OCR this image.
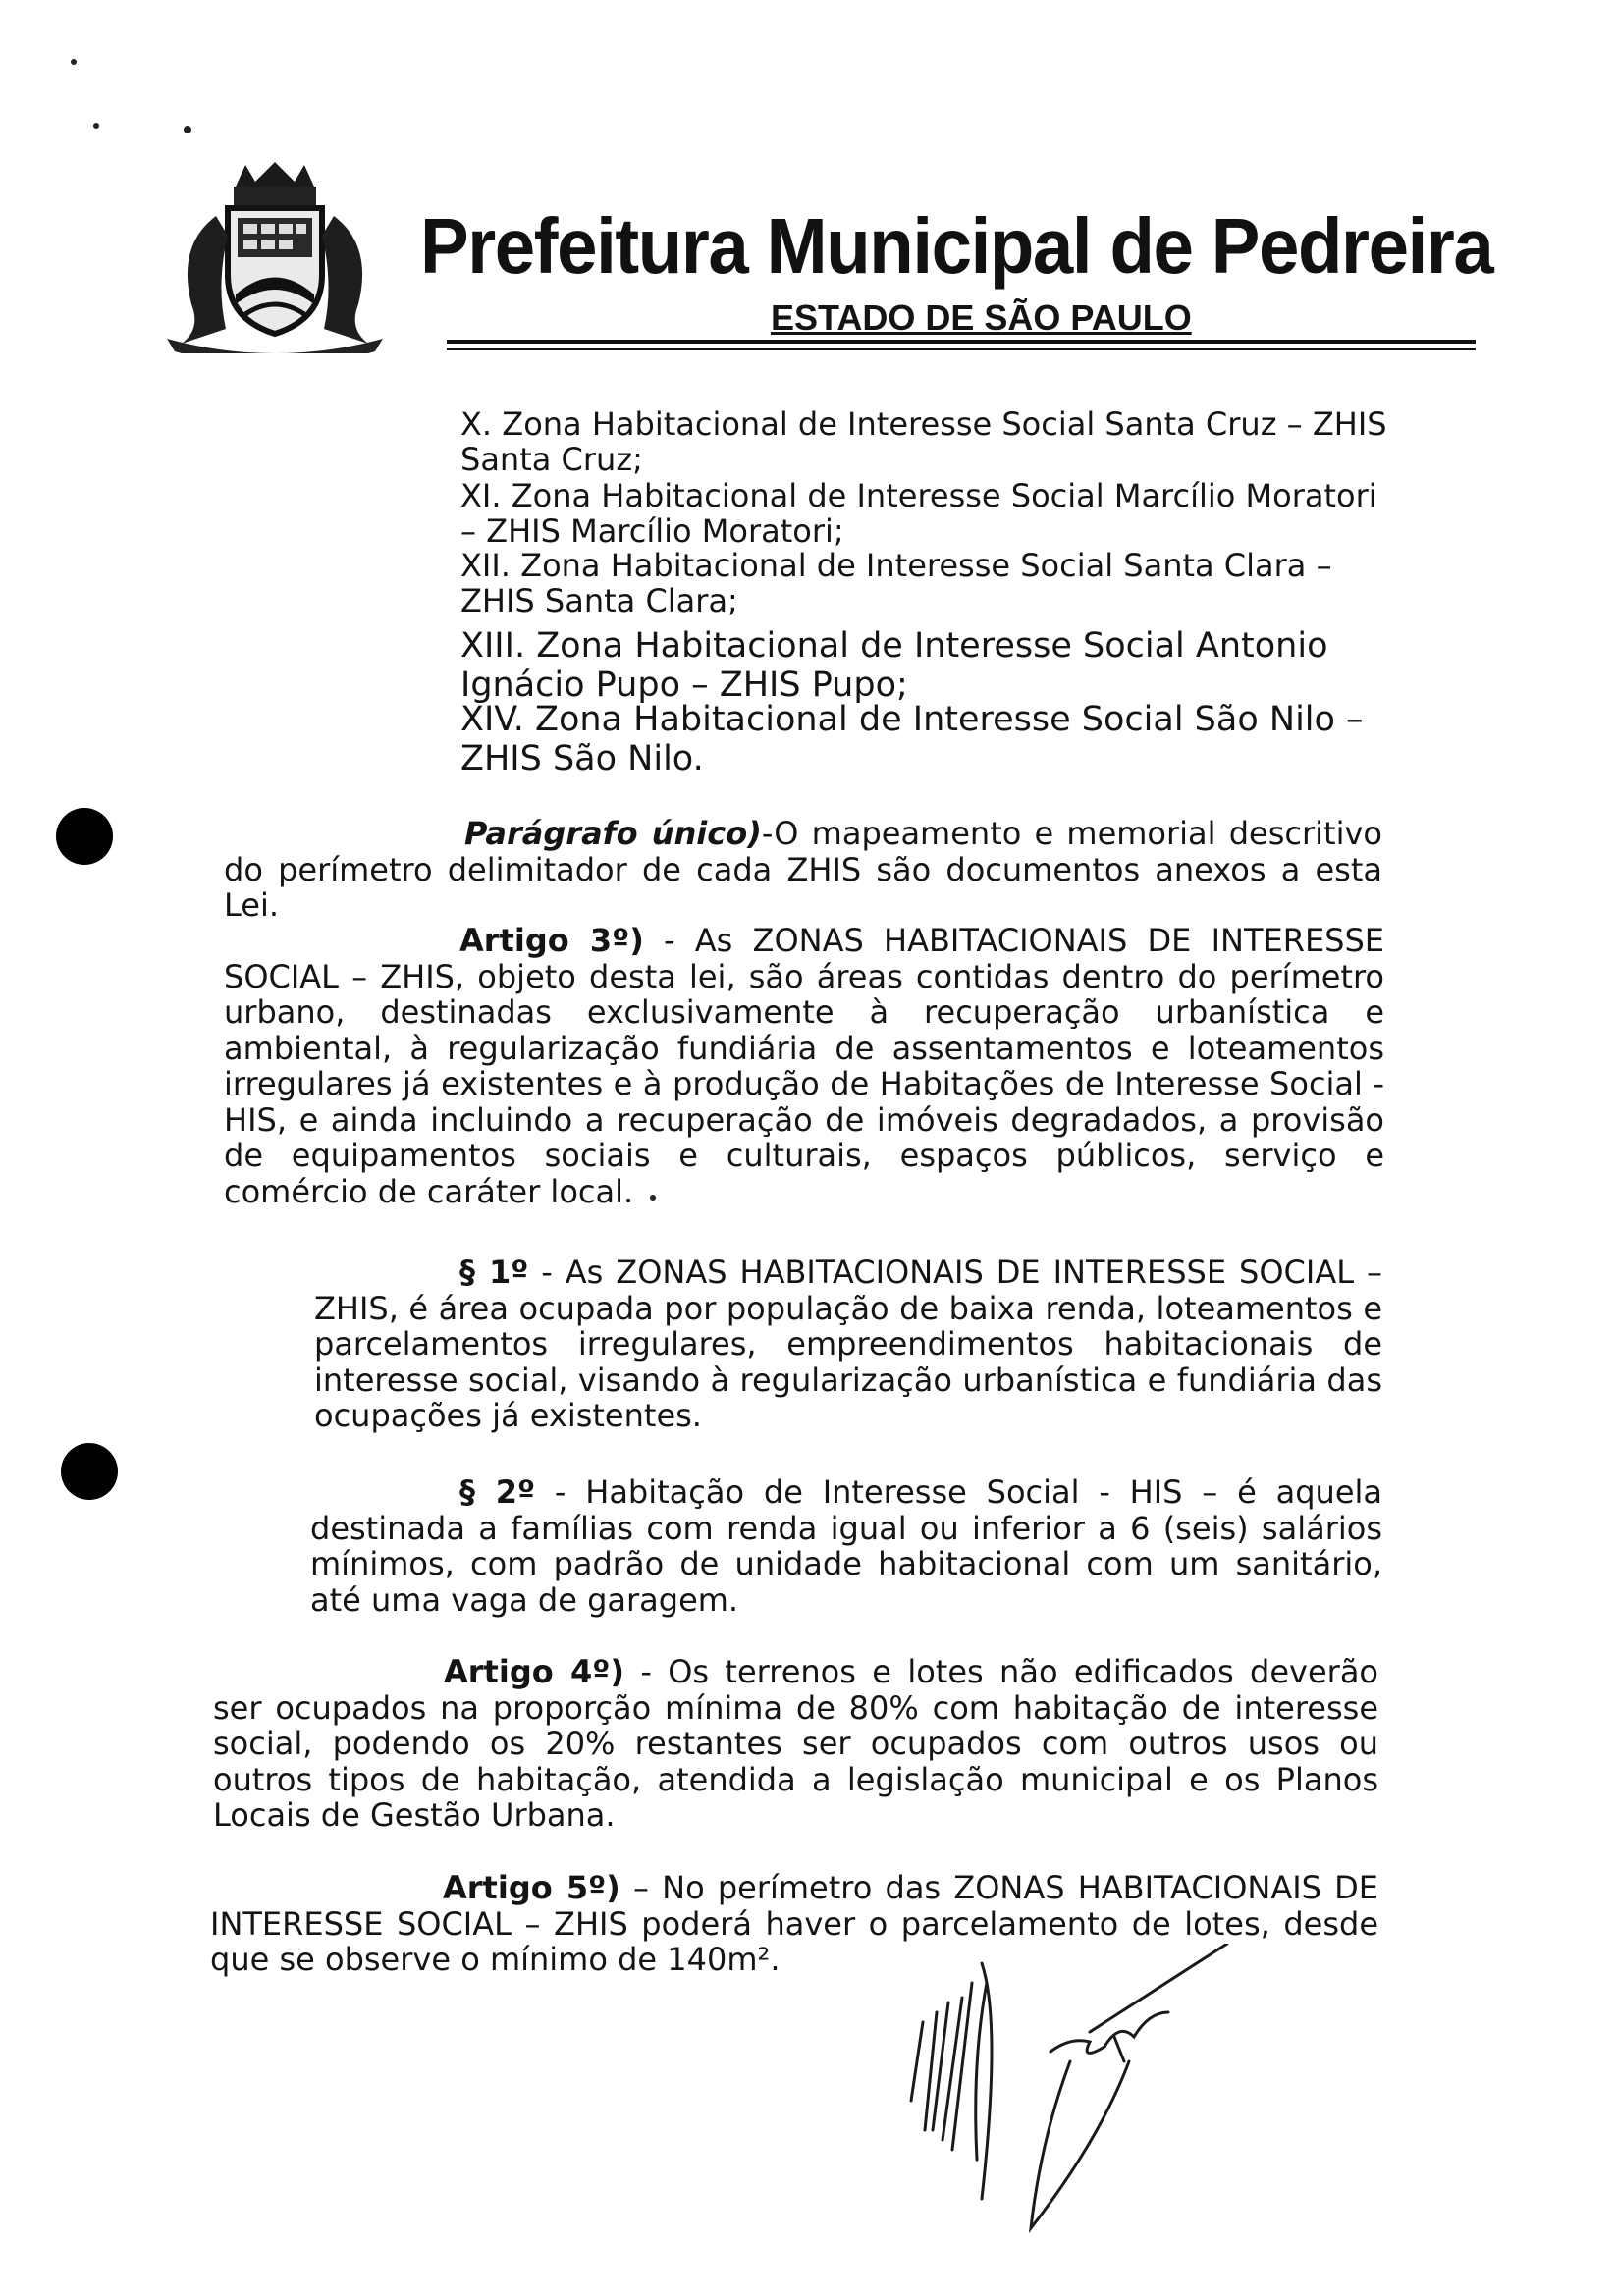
Prefeitura Municipal de Pedreira
ESTADO DE SÃO PAULO
X. Zona Habitacional de Interesse Social Santa Cruz – ZHIS Santa Cruz;
XI. Zona Habitacional de Interesse Social Marcílio Moratori – ZHIS Marcílio Moratori;
XII. Zona Habitacional de Interesse Social Santa Clara – ZHIS Santa Clara;
XIII. Zona Habitacional de Interesse Social Antonio Ignácio Pupo – ZHIS Pupo;
XIV. Zona Habitacional de Interesse Social São Nilo – ZHIS São Nilo.
Parágrafo único)-O mapeamento e memorial descritivo do perímetro delimitador de cada ZHIS são documentos anexos a esta Lei.
Artigo 3º) - As ZONAS HABITACIONAIS DE INTERESSE SOCIAL – ZHIS, objeto desta lei, são áreas contidas dentro do perímetro urbano, destinadas exclusivamente à recuperação urbanística e ambiental, à regularização fundiária de assentamentos e loteamentos irregulares já existentes e à produção de Habitações de Interesse Social - HIS, e ainda incluindo a recuperação de imóveis degradados, a provisão de equipamentos sociais e culturais, espaços públicos, serviço e comércio de caráter local.
§ 1º - As ZONAS HABITACIONAIS DE INTERESSE SOCIAL – ZHIS, é área ocupada por população de baixa renda, loteamentos e parcelamentos irregulares, empreendimentos habitacionais de interesse social, visando à regularização urbanística e fundiária das ocupações já existentes.
§ 2º - Habitação de Interesse Social - HIS – é aquela destinada a famílias com renda igual ou inferior a 6 (seis) salários mínimos, com padrão de unidade habitacional com um sanitário, até uma vaga de garagem.
Artigo 4º) - Os terrenos e lotes não edificados deverão ser ocupados na proporção mínima de 80% com habitação de interesse social, podendo os 20% restantes ser ocupados com outros usos ou outros tipos de habitação, atendida a legislação municipal e os Planos Locais de Gestão Urbana.
Artigo 5º) – No perímetro das ZONAS HABITACIONAIS DE INTERESSE SOCIAL – ZHIS poderá haver o parcelamento de lotes, desde que se observe o mínimo de 140m².
